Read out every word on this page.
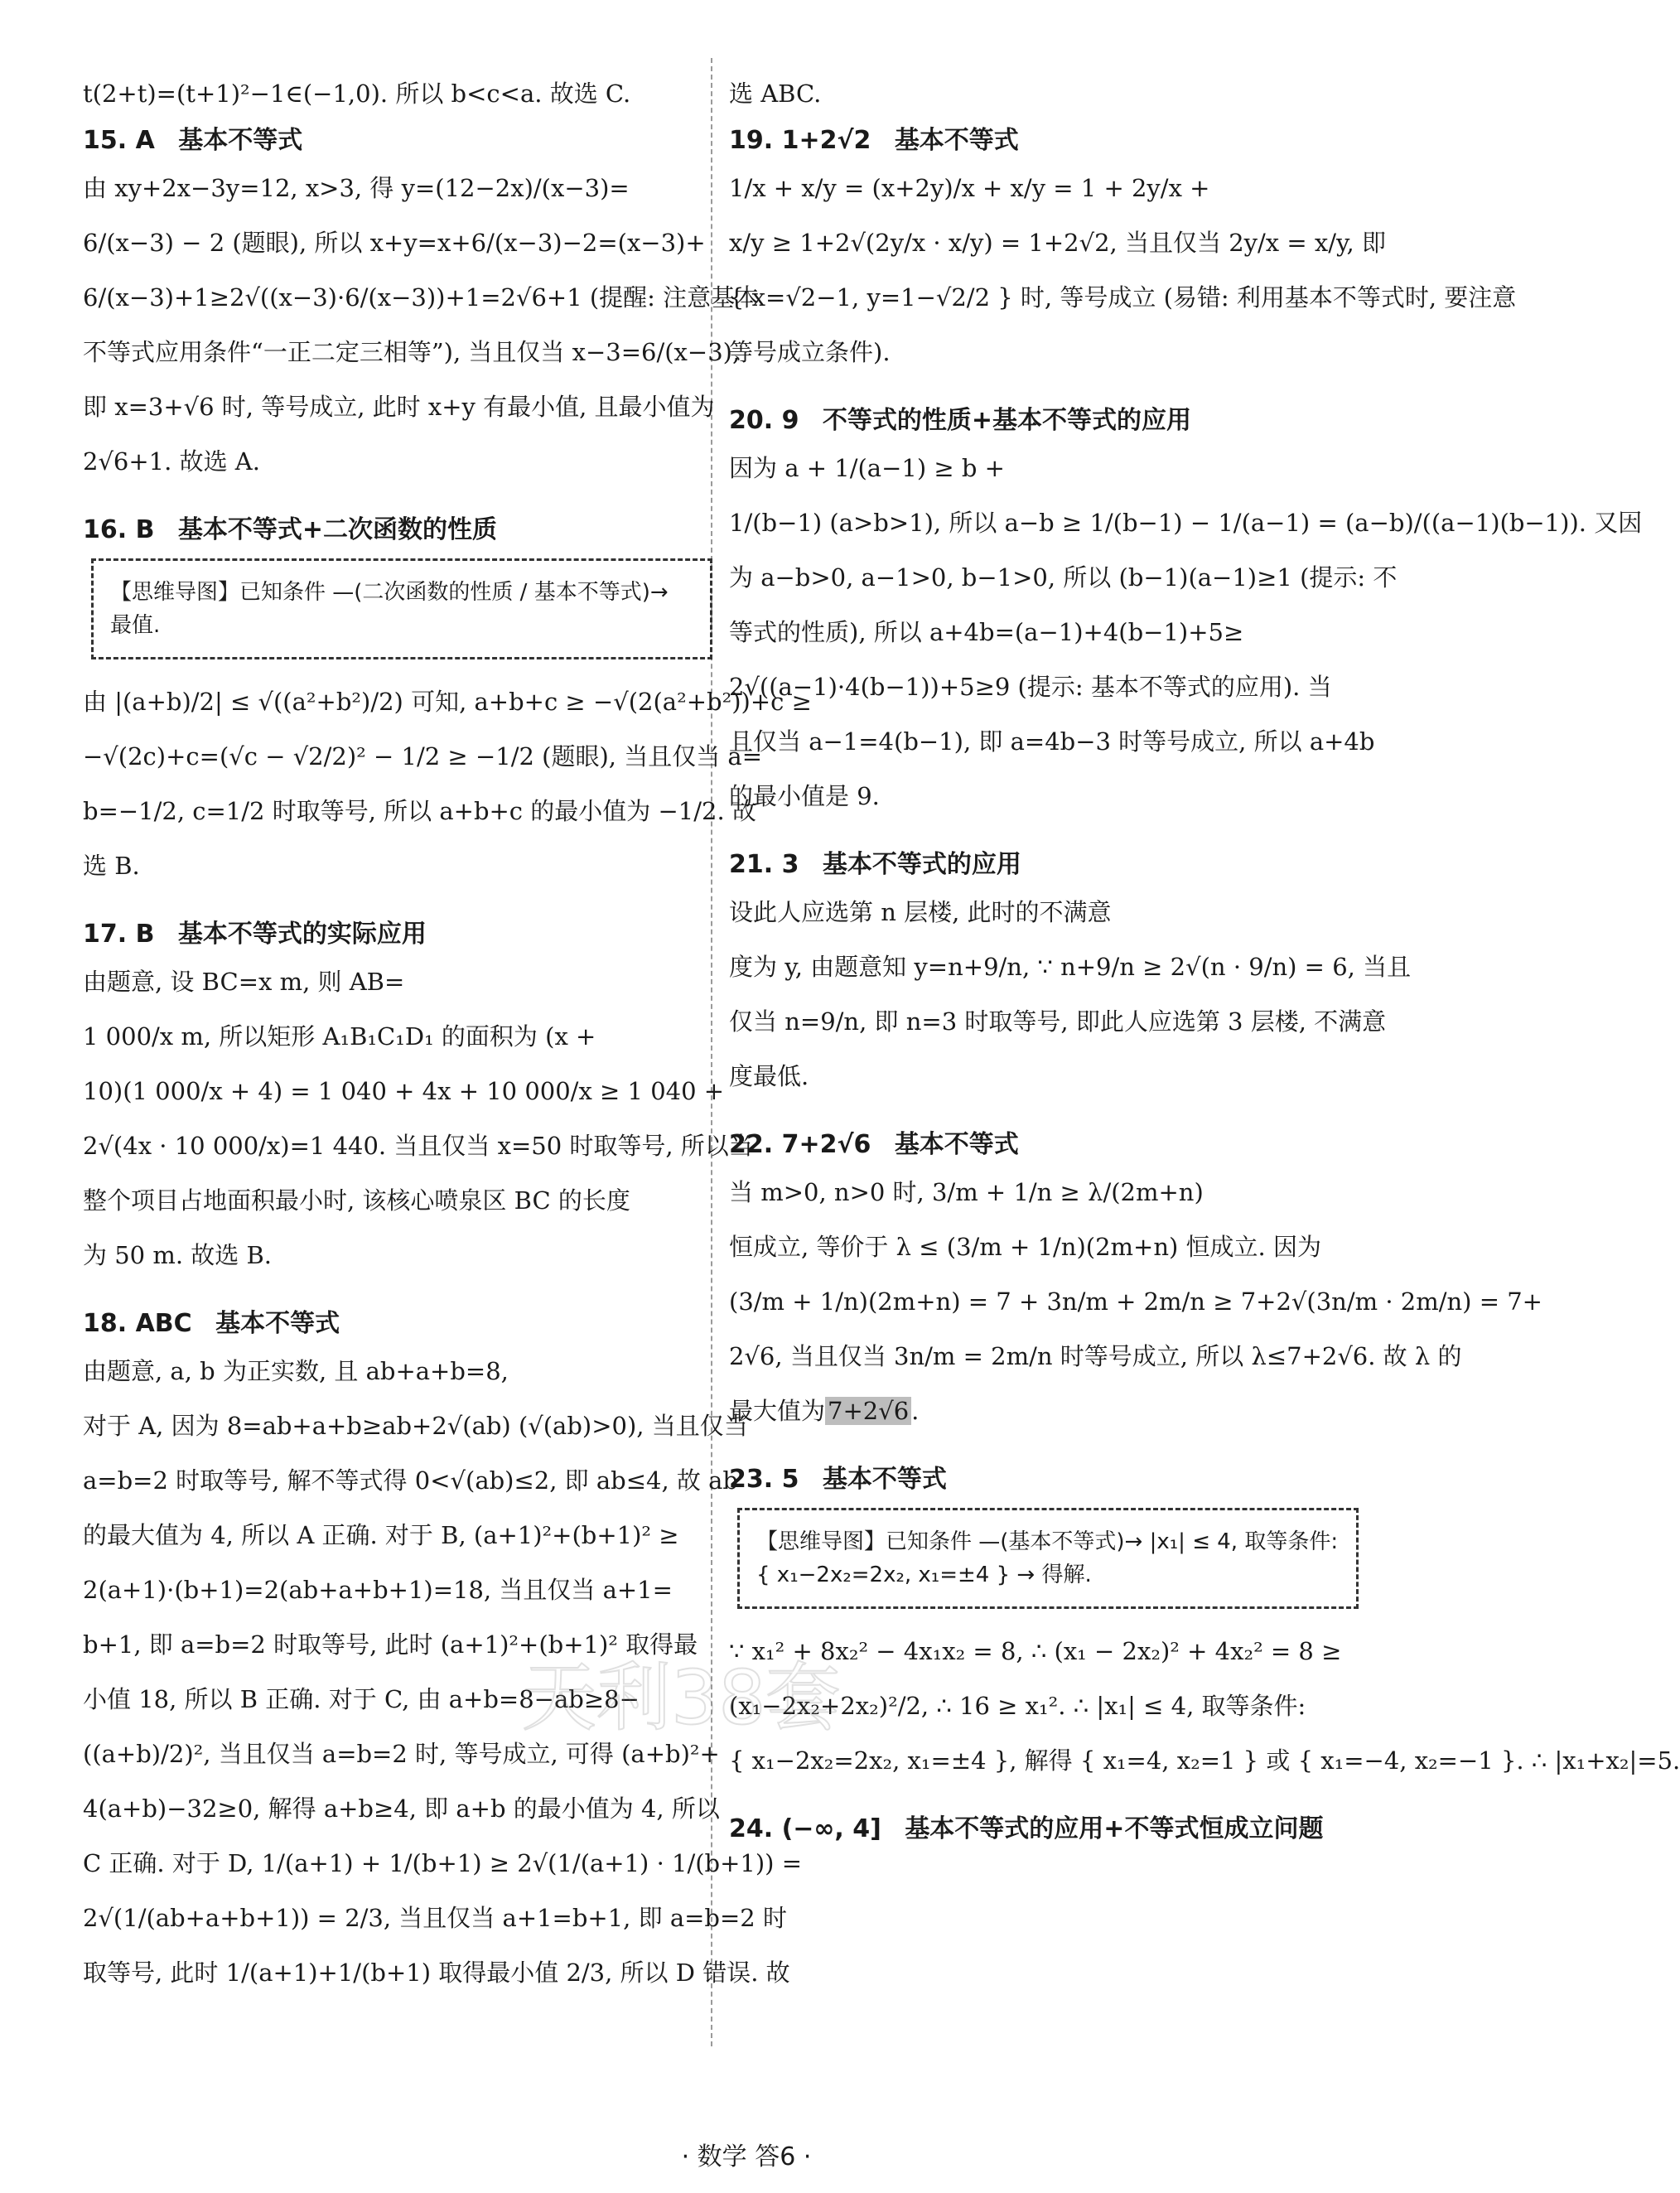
t(2+t)=(t+1)²−1∈(−1,0). 所以 b<c<a. 故选 C.
15. A 基本不等式
由 xy+2x−3y=12, x>3, 得 y=(12−2x)/(x−3)=
6/(x−3) − 2 (题眼), 所以 x+y=x+6/(x−3)−2=(x−3)+
6/(x−3)+1≥2√((x−3)·6/(x−3))+1=2√6+1 (提醒: 注意基本
不等式应用条件“一正二定三相等”), 当且仅当 x−3=6/(x−3),
即 x=3+√6 时, 等号成立, 此时 x+y 有最小值, 且最小值为
2√6+1. 故选 A.
16. B 基本不等式+二次函数的性质
【思维导图】已知条件 —(二次函数的性质 / 基本不等式)→ 最值.
由 |(a+b)/2| ≤ √((a²+b²)/2) 可知, a+b+c ≥ −√(2(a²+b²))+c ≥
−√(2c)+c=(√c − √2/2)² − 1/2 ≥ −1/2 (题眼), 当且仅当 a=
b=−1/2, c=1/2 时取等号, 所以 a+b+c 的最小值为 −1/2. 故
选 B.
17. B 基本不等式的实际应用
由题意, 设 BC=x m, 则 AB=
1 000/x m, 所以矩形 A₁B₁C₁D₁ 的面积为 (x +
10)(1 000/x + 4) = 1 040 + 4x + 10 000/x ≥ 1 040 +
2√(4x · 10 000/x)=1 440. 当且仅当 x=50 时取等号, 所以当
整个项目占地面积最小时, 该核心喷泉区 BC 的长度
为 50 m. 故选 B.
18. ABC 基本不等式
由题意, a, b 为正实数, 且 ab+a+b=8,
对于 A, 因为 8=ab+a+b≥ab+2√(ab) (√(ab)>0), 当且仅当
a=b=2 时取等号, 解不等式得 0<√(ab)≤2, 即 ab≤4, 故 ab
的最大值为 4, 所以 A 正确. 对于 B, (a+1)²+(b+1)² ≥
2(a+1)·(b+1)=2(ab+a+b+1)=18, 当且仅当 a+1=
b+1, 即 a=b=2 时取等号, 此时 (a+1)²+(b+1)² 取得最
小值 18, 所以 B 正确. 对于 C, 由 a+b=8−ab≥8−
((a+b)/2)², 当且仅当 a=b=2 时, 等号成立, 可得 (a+b)²+
4(a+b)−32≥0, 解得 a+b≥4, 即 a+b 的最小值为 4, 所以
C 正确. 对于 D, 1/(a+1) + 1/(b+1) ≥ 2√(1/(a+1) · 1/(b+1)) =
2√(1/(ab+a+b+1)) = 2/3, 当且仅当 a+1=b+1, 即 a=b=2 时
取等号, 此时 1/(a+1)+1/(b+1) 取得最小值 2/3, 所以 D 错误. 故
选 ABC.
19. 1+2√2 基本不等式
1/x + x/y = (x+2y)/x + x/y = 1 + 2y/x +
x/y ≥ 1+2√(2y/x · x/y) = 1+2√2, 当且仅当 2y/x = x/y, 即
{ x=√2−1, y=1−√2/2 } 时, 等号成立 (易错: 利用基本不等式时, 要注意
等号成立条件).
20. 9 不等式的性质+基本不等式的应用
因为 a + 1/(a−1) ≥ b +
1/(b−1) (a>b>1), 所以 a−b ≥ 1/(b−1) − 1/(a−1) = (a−b)/((a−1)(b−1)). 又因
为 a−b>0, a−1>0, b−1>0, 所以 (b−1)(a−1)≥1 (提示: 不
等式的性质), 所以 a+4b=(a−1)+4(b−1)+5≥
2√((a−1)·4(b−1))+5≥9 (提示: 基本不等式的应用). 当
且仅当 a−1=4(b−1), 即 a=4b−3 时等号成立, 所以 a+4b
的最小值是 9.
21. 3 基本不等式的应用
设此人应选第 n 层楼, 此时的不满意
度为 y, 由题意知 y=n+9/n, ∵ n+9/n ≥ 2√(n · 9/n) = 6, 当且
仅当 n=9/n, 即 n=3 时取等号, 即此人应选第 3 层楼, 不满意
度最低.
22. 7+2√6 基本不等式
当 m>0, n>0 时, 3/m + 1/n ≥ λ/(2m+n)
恒成立, 等价于 λ ≤ (3/m + 1/n)(2m+n) 恒成立. 因为
(3/m + 1/n)(2m+n) = 7 + 3n/m + 2m/n ≥ 7+2√(3n/m · 2m/n) = 7+
2√6, 当且仅当 3n/m = 2m/n 时等号成立, 所以 λ≤7+2√6. 故 λ 的
最大值为 7+2√6 .
23. 5 基本不等式
【思维导图】已知条件 —(基本不等式)→ |x₁| ≤ 4, 取等条件:
{ x₁−2x₂=2x₂, x₁=±4 } → 得解.
∵ x₁² + 8x₂² − 4x₁x₂ = 8, ∴ (x₁ − 2x₂)² + 4x₂² = 8 ≥
(x₁−2x₂+2x₂)²/2, ∴ 16 ≥ x₁². ∴ |x₁| ≤ 4, 取等条件:
{ x₁−2x₂=2x₂, x₁=±4 }, 解得 { x₁=4, x₂=1 } 或 { x₁=−4, x₂=−1 }. ∴ |x₁+x₂|=5.
24. (−∞, 4] 基本不等式的应用+不等式恒成立问题
天利38套
· 数学 答6 ·
